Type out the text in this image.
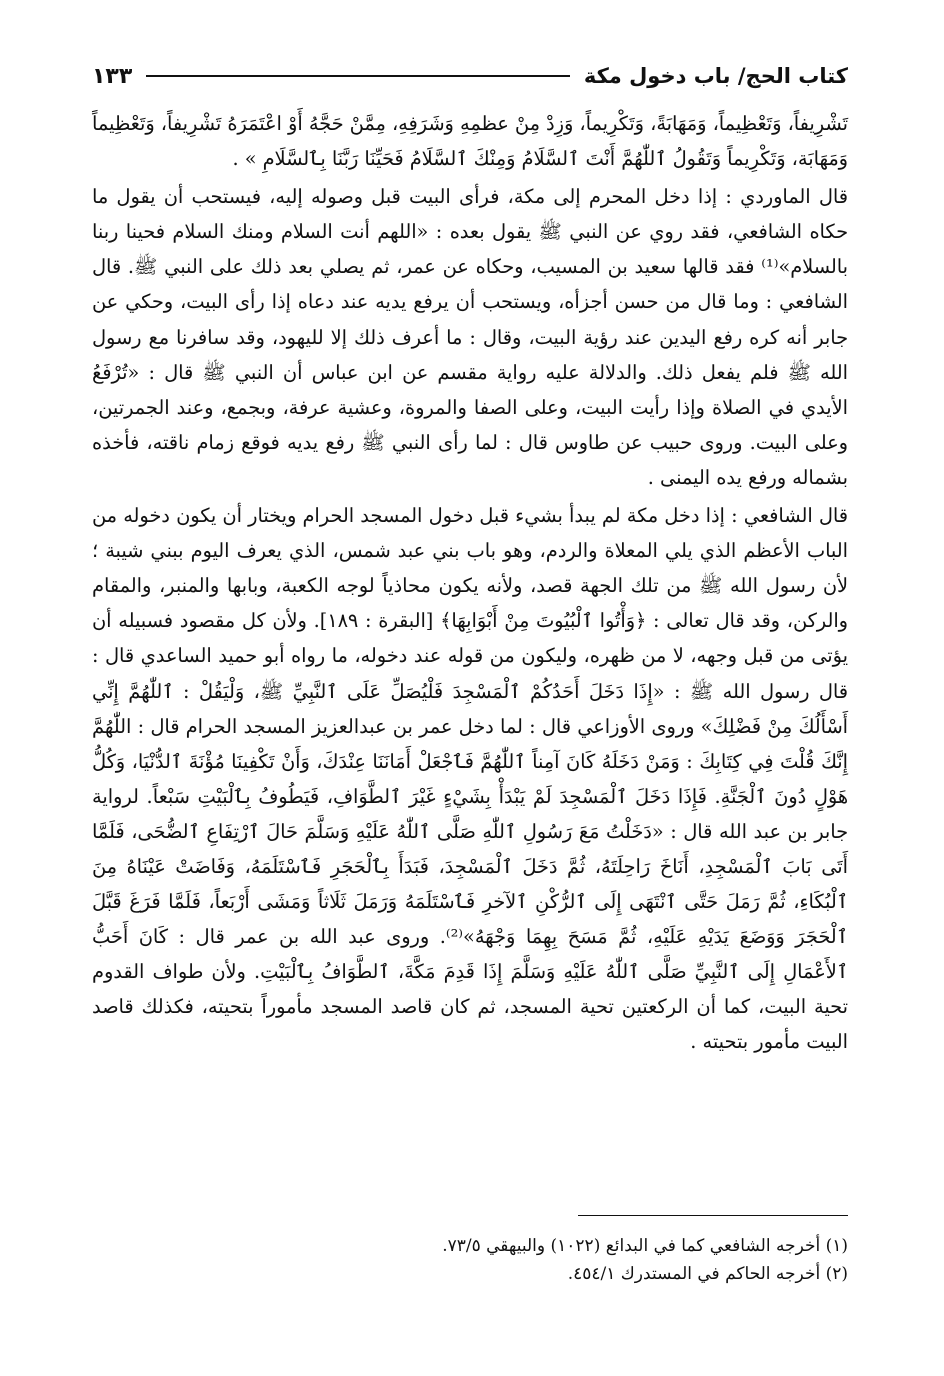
كتاب الحج/ باب دخول مكة
١٣٣

تَشْرِيفاً، وَتَعْظِيماً، وَمَهَابَةً، وَتَكْرِيماً، وَزِدْ مِنْ عظمِهِ وَشَرَفِهِ، مِمَّنْ حَجَّهُ أَوْ اعْتَمَرَهُ تَشْرِيفاً، وَتَعْظِيماً وَمَهَابَة، وَتَكْرِيماً وَتَقُولُ ٱللّٰهُمَّ أَنْتَ ٱلسَّلَامُ وَمِنْكَ ٱلسَّلَامُ فَحَيِّنَا رَبَّنَا بِٱلسَّلَامِ » .

قال الماوردي : إذا دخل المحرم إلى مكة، فرأى البيت قبل وصوله إليه، فيستحب أن يقول ما حكاه الشافعي، فقد روي عن النبي ﷺ يقول بعده : «اللهم أنت السلام ومنك السلام فحينا ربنا بالسلام»⁽¹⁾ فقد قالها سعيد بن المسيب، وحكاه عن عمر، ثم يصلي بعد ذلك على النبي ﷺ. قال الشافعي : وما قال من حسن أجزأه، ويستحب أن يرفع يديه عند دعاه إذا رأى البيت، وحكي عن جابر أنه كره رفع اليدين عند رؤية البيت، وقال : ما أعرف ذلك إلا لليهود، وقد سافرنا مع رسول الله ﷺ فلم يفعل ذلك. والدلالة عليه رواية مقسم عن ابن عباس أن النبي ﷺ قال : «تُرْفَعُ الأيدي في الصلاة وإذا رأيت البيت، وعلى الصفا والمروة، وعشية عرفة، وبجمع، وعند الجمرتين، وعلى البيت. وروى حبيب عن طاوس قال : لما رأى النبي ﷺ رفع يديه فوقع زمام ناقته، فأخذه بشماله ورفع يده اليمنى .

قال الشافعي : إذا دخل مكة لم يبدأ بشيء قبل دخول المسجد الحرام ويختار أن يكون دخوله من الباب الأعظم الذي يلي المعلاة والردم، وهو باب بني عبد شمس، الذي يعرف اليوم ببني شيبة ؛ لأن رسول الله ﷺ من تلك الجهة قصد، ولأنه يكون محاذياً لوجه الكعبة، وبابها والمنبر، والمقام والركن، وقد قال تعالى : ﴿وَأْتُوا ٱلْبُيُوتَ مِنْ أَبْوَابِهَا﴾ [البقرة : ١٨٩]. ولأن كل مقصود فسبيله أن يؤتى من قبل وجهه، لا من ظهره، وليكون من قوله عند دخوله، ما رواه أبو حميد الساعدي قال : قال رسول الله ﷺ : «إِذَا دَخَلَ أَحَدُكُمْ ٱلْمَسْجِدَ فَلْيُصَلِّ عَلَى ٱلنَّبِيِّ ﷺ، وَلْيَقُلْ : ٱللّٰهُمَّ إِنِّي أَسْأَلُكَ مِنْ فَضْلِكَ» وروى الأوزاعي قال : لما دخل عمر بن عبدالعزيز المسجد الحرام قال : اللّٰهُمَّ إِنَّكَ قُلْتَ فِي كِتَابِكَ : وَمَنْ دَخَلَهُ كَانَ آمِناً ٱللّٰهُمَّ فَٱجْعَلْ أَمَانَنَا عِنْدَكَ، وَأَنْ تَكْفِينَا مُؤْنَةَ ٱلدُّنْيَا، وَكُلُّ هَوْلٍ دُونَ ٱلْجَنَّةِ. فَإِذَا دَخَلَ ٱلْمَسْجِدَ لَمْ يَبْدَأْ بِشَيْءٍ غَيْرَ ٱلطَّوَافِ، فَيَطُوفُ بِٱلْبَيْتِ سَبْعاً. لرواية جابر بن عبد الله قال : «دَخَلْتُ مَعَ رَسُولِ ٱللّٰهِ صَلَّى ٱللّٰهُ عَلَيْهِ وَسَلَّمَ حَالَ ٱرْتِفَاعِ ٱلضُّحَى، فَلَمَّا أَتَى بَابَ ٱلْمَسْجِدِ، أَنَاخَ رَاحِلَتَهُ، ثُمَّ دَخَلَ ٱلْمَسْجِدَ، فَبَدَأَ بِٱلْحَجَرِ فَٱسْتَلَمَهُ، وَفَاضَتْ عَيْنَاهُ مِنَ ٱلْبُكَاءِ، ثُمَّ رَمَلَ حَتَّى ٱنْتَهَى إِلَى ٱلرُّكْنِ ٱلآخرِ فَٱسْتَلَمَهُ وَرَمَلَ ثَلَاثاً وَمَشَى أَرْبَعاً، فَلَمَّا فَرَغَ قَبَّلَ ٱلْحَجَرَ وَوَضَعَ يَدَيْهِ عَلَيْهِ، ثُمَّ مَسَحَ بِهِمَا وَجْهَهُ»⁽²⁾. وروى عبد الله بن عمر قال : كَانَ أَحَبُّ ٱلأَعْمَالِ إِلَى ٱلنَّبِيِّ صَلَّى ٱللّٰهُ عَلَيْهِ وَسَلَّمَ إِذَا قَدِمَ مَكَّةَ، ٱلطَّوَافُ بِٱلْبَيْتِ. ولأن طواف القدوم تحية البيت، كما أن الركعتين تحية المسجد، ثم كان قاصد المسجد مأموراً بتحيته، فكذلك قاصد البيت مأمور بتحيته .

(١) أخرجه الشافعي كما في البدائع (١٠٢٢) والبيهقي ٧٣/٥.
(٢) أخرجه الحاكم في المستدرك ٤٥٤/١.
